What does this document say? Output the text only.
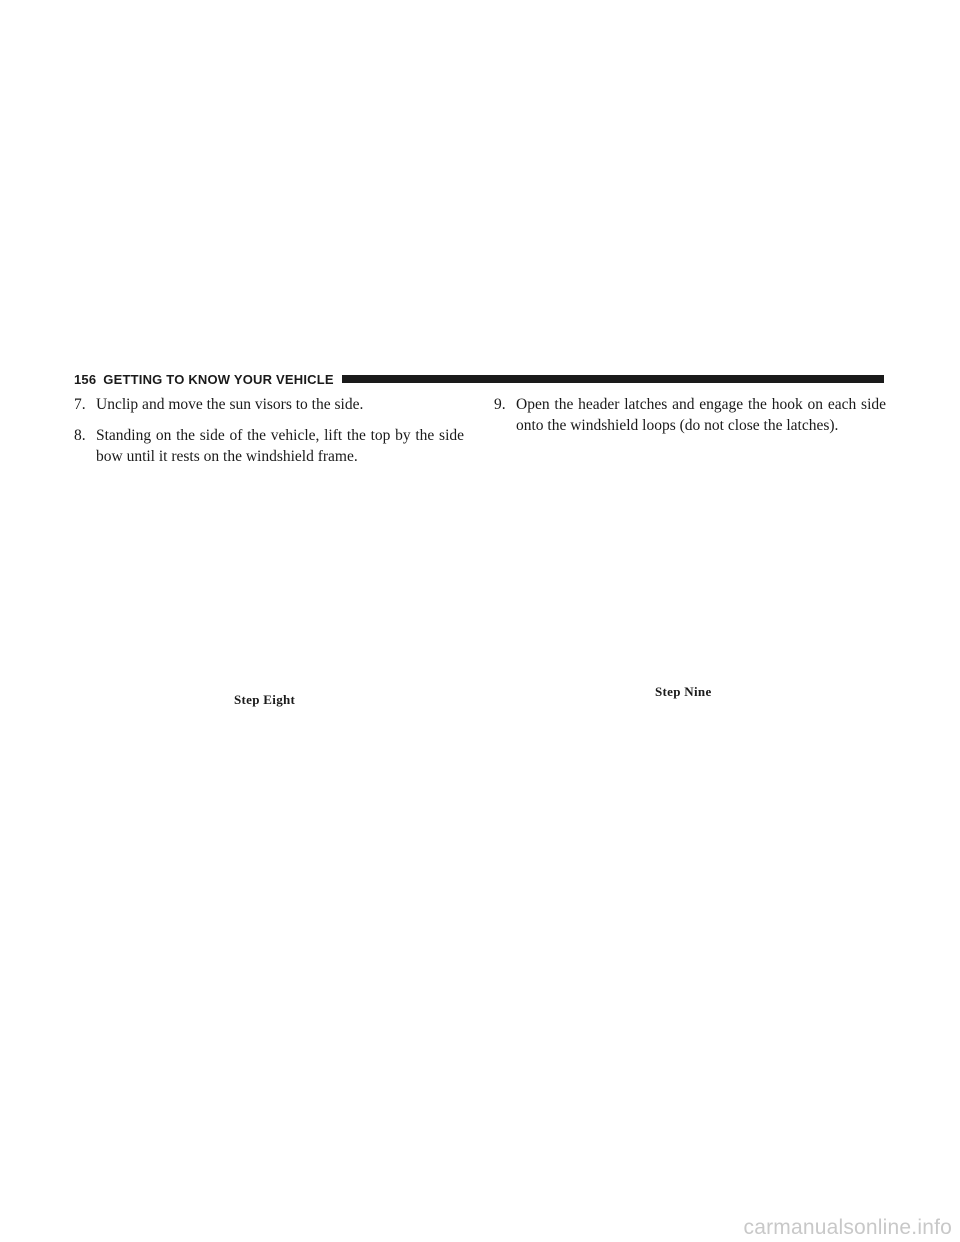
156 GETTING TO KNOW YOUR VEHICLE
7. Unclip and move the sun visors to the side.
8. Standing on the side of the vehicle, lift the top by the side bow until it rests on the windshield frame.
9. Open the header latches and engage the hook on each side onto the windshield loops (do not close the latches).
Step Eight
Step Nine
carmanualsonline.info
